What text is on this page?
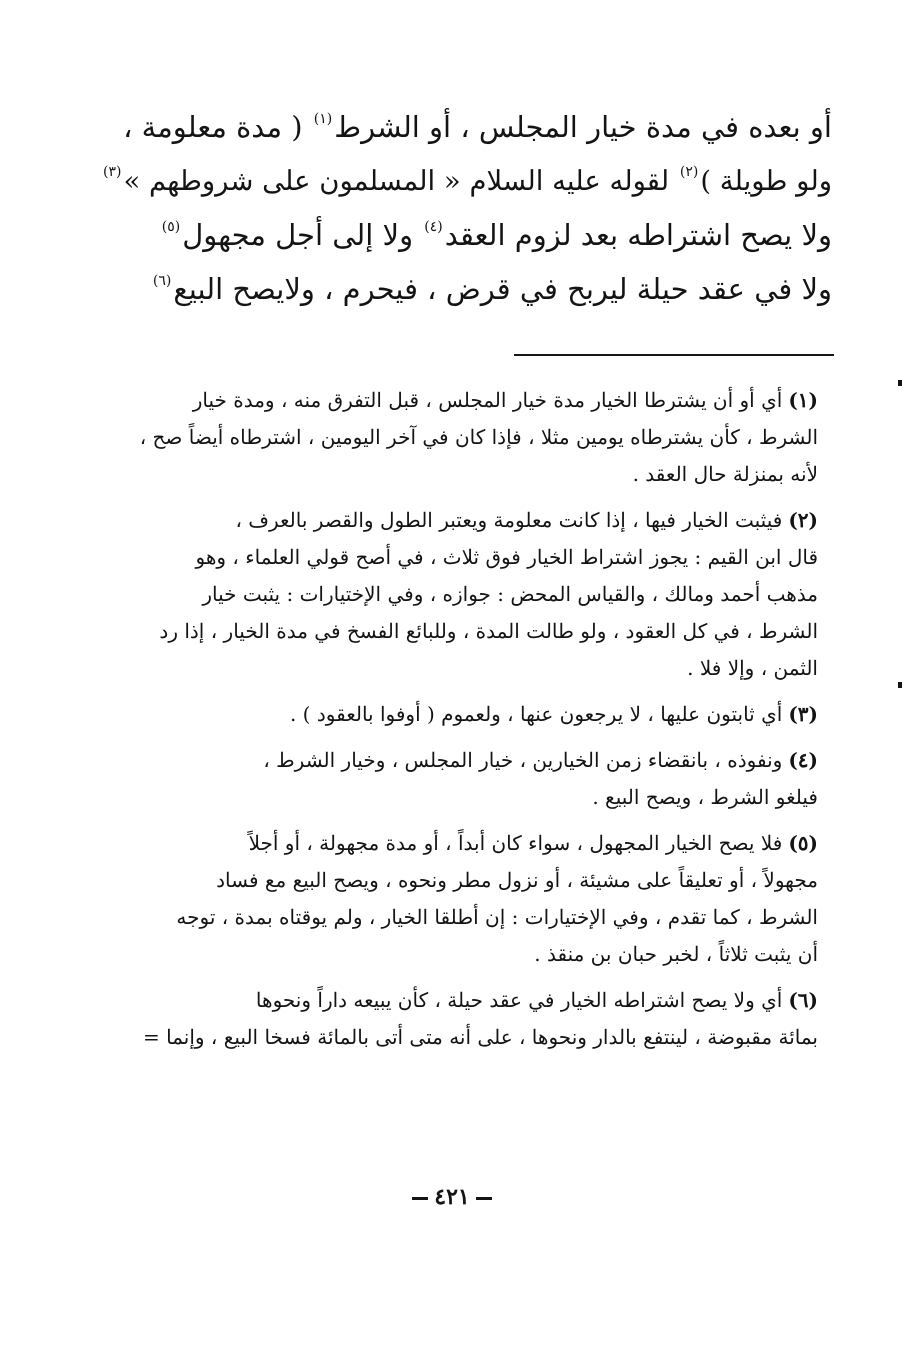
أو بعده في مدة خيار المجلس ، أو الشرط$^{(١)}$ ( مدة معلومة ،
ولو طويلة )$^{(٢)}$ لقوله عليه السلام « المسلمون على شروطهم »$^{(٣)}$
ولا يصح اشتراطه بعد لزوم العقد$^{(٤)}$ ولا إلى أجل مجهول$^{(٥)}$
ولا في عقد حيلة ليربح في قرض ، فيحرم ، ولايصح البيع$^{(٦)}$
(١)أي أو أن يشترطا الخيار مدة خيار المجلس ، قبل التفرق منه ، ومدة خيار
الشرط ، كأن يشترطاه يومين مثلا ، فإذا كان في آخر اليومين ، اشترطاه أيضاً صح ،
لأنه بمنزلة حال العقد .
(٢)فيثبت الخيار فيها ، إذا كانت معلومة ويعتبر الطول والقصر بالعرف ،
قال ابن القيم : يجوز اشتراط الخيار فوق ثلاث ، في أصح قولي العلماء ، وهو
مذهب أحمد ومالك ، والقياس المحض : جوازه ، وفي الإختيارات : يثبت خيار
الشرط ، في كل العقود ، ولو طالت المدة ، وللبائع الفسخ في مدة الخيار ، إذا رد
الثمن ، وإلا فلا .
(٣)أي ثابتون عليها ، لا يرجعون عنها ، ولعموم ( أوفوا بالعقود ) .
(٤)ونفوذه ، بانقضاء زمن الخيارين ، خيار المجلس ، وخيار الشرط ،
فيلغو الشرط ، ويصح البيع .
(٥)فلا يصح الخيار المجهول ، سواء كان أبداً ، أو مدة مجهولة ، أو أجلاً
مجهولاً ، أو تعليقاً على مشيئة ، أو نزول مطر ونحوه ، ويصح البيع مع فساد
الشرط ، كما تقدم ، وفي الإختيارات : إن أطلقا الخيار ، ولم يوقتاه بمدة ، توجه
أن يثبت ثلاثاً ، لخبر حبان بن منقذ .
(٦)أي ولا يصح اشتراطه الخيار في عقد حيلة ، كأن يبيعه داراً ونحوها
بمائة مقبوضة ، لينتفع بالدار ونحوها ، على أنه متى أتى بالمائة فسخا البيع ، وإنما =
٤٢١
